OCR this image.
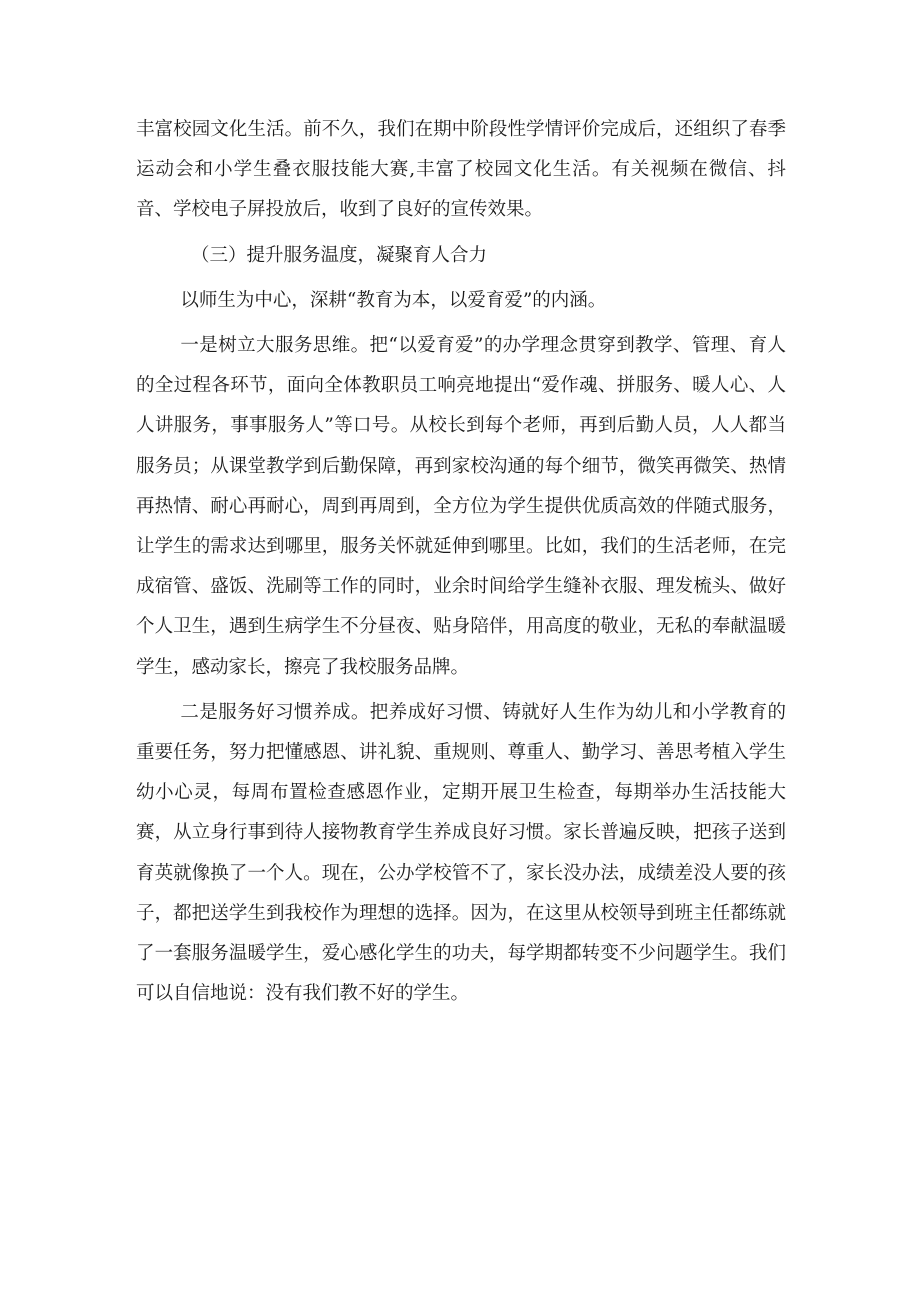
丰富校园文化生活。前不久，我们在期中阶段性学情评价完成后，还组织了春季运动会和小学生叠衣服技能大赛,丰富了校园文化生活。有关视频在微信、抖音、学校电子屏投放后，收到了良好的宣传效果。

（三）提升服务温度，凝聚育人合力

以师生为中心，深耕“教育为本，以爱育爱”的内涵。

一是树立大服务思维。把“以爱育爱”的办学理念贯穿到教学、管理、育人的全过程各环节，面向全体教职员工响亮地提出“爱作魂、拼服务、暖人心、人人讲服务，事事服务人”等口号。从校长到每个老师，再到后勤人员，人人都当服务员；从课堂教学到后勤保障，再到家校沟通的每个细节，微笑再微笑、热情再热情、耐心再耐心，周到再周到，全方位为学生提供优质高效的伴随式服务，让学生的需求达到哪里，服务关怀就延伸到哪里。比如，我们的生活老师，在完成宿管、盛饭、洗刷等工作的同时，业余时间给学生缝补衣服、理发梳头、做好个人卫生，遇到生病学生不分昼夜、贴身陪伴，用高度的敬业，无私的奉献温暖学生，感动家长，擦亮了我校服务品牌。

二是服务好习惯养成。把养成好习惯、铸就好人生作为幼儿和小学教育的重要任务，努力把懂感恩、讲礼貌、重规则、尊重人、勤学习、善思考植入学生幼小心灵，每周布置检查感恩作业，定期开展卫生检查，每期举办生活技能大赛，从立身行事到待人接物教育学生养成良好习惯。家长普遍反映，把孩子送到育英就像换了一个人。现在，公办学校管不了，家长没办法，成绩差没人要的孩子，都把送学生到我校作为理想的选择。因为，在这里从校领导到班主任都练就了一套服务温暖学生，爱心感化学生的功夫，每学期都转变不少问题学生。我们可以自信地说：没有我们教不好的学生。
